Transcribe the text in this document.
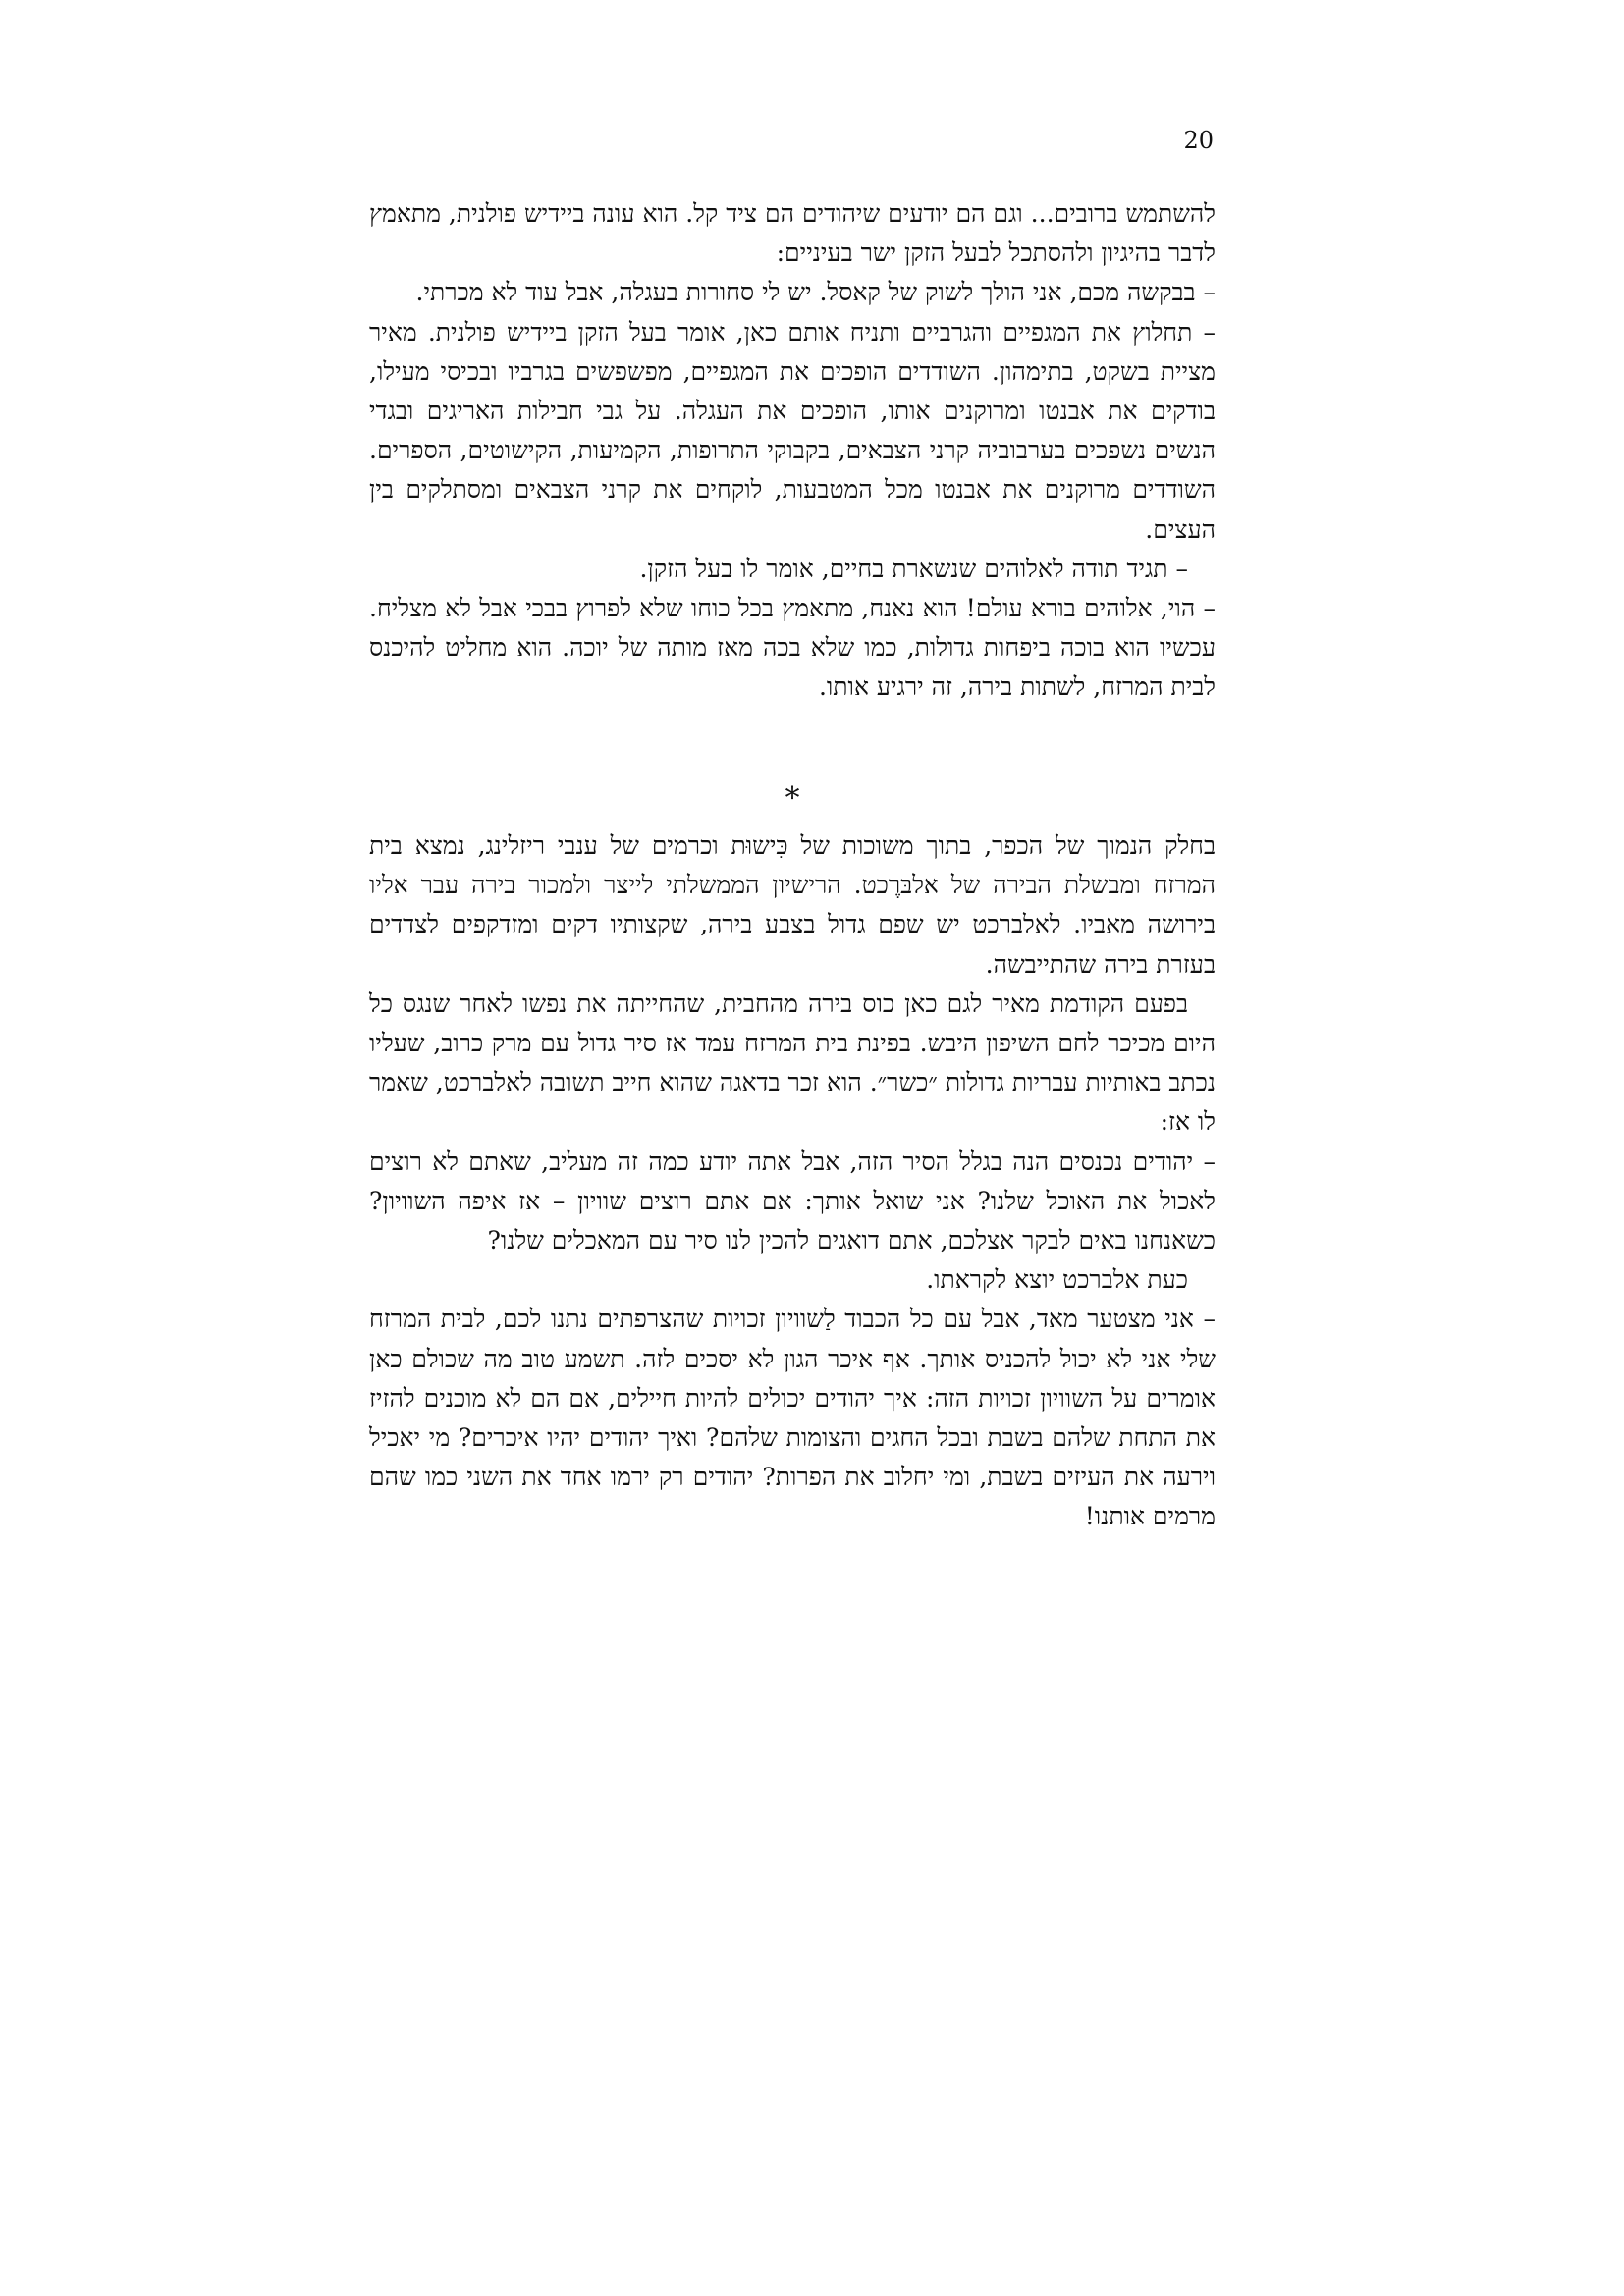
20

להשתמש ברובים... וגם הם יודעים שיהודים הם ציד קל. הוא עונה ביידיש פולנית, מתאמץ לדבר בהיגיון ולהסתכל לבעל הזקן ישר בעיניים:

– בבקשה מכם, אני הולך לשוק של קאסל. יש לי סחורות בעגלה, אבל עוד לא מכרתי.

– תחלוץ את המגפיים והגרביים ותניח אותם כאן, אומר בעל הזקן ביידיש פולנית. מאיר מציית בשקט, בתימהון. השודדים הופכים את המגפיים, מפשפשים בגרביו ובכיסי מעילו, בודקים את אבנטו ומרוקנים אותו, הופכים את העגלה. על גבי חבילות האריגים ובגדי הנשים נשפכים בערבוביה קרני הצבאים, בקבוקי התרופות, הקמיעות, הקישוטים, הספרים. השודדים מרוקנים את אבנטו מכל המטבעות, לוקחים את קרני הצבאים ומסתלקים בין העצים.

– תגיד תודה לאלוהים שנשארת בחיים, אומר לו בעל הזקן.

– הוי, אלוהים בורא עולם! הוא נאנח, מתאמץ בכל כוחו שלא לפרוץ בבכי אבל לא מצליח. עכשיו הוא בוכה ביפחות גדולות, כמו שלא בכה מאז מותה של יוכה. הוא מחליט להיכנס לבית המרזח, לשתות בירה, זה ירגיע אותו.

*

בחלק הנמוך של הכפר, בתוך משוכות של כִּישוּת וכרמים של ענבי ריזלינג, נמצא בית המרזח ומבשלת הבירה של אלבּרֶכט. הרישיון הממשלתי לייצר ולמכור בירה עבר אליו בירושה מאביו. לאלברכט יש שפם גדול בצבע בירה, שקצותיו דקים ומזדקפים לצדדים בעזרת בירה שהתייבשה.

בפעם הקודמת מאיר לגם כאן כוס בירה מהחבית, שהחייתה את נפשו לאחר שנגס כל היום מכיכר לחם השיפון היבש. בפינת בית המרזח עמד אז סיר גדול עם מרק כרוב, שעליו נכתב באותיות עבריות גדולות ״כשר״. הוא זכר בדאגה שהוא חייב תשובה לאלברכט, שאמר לו אז:

– יהודים נכנסים הנה בגלל הסיר הזה, אבל אתה יודע כמה זה מעליב, שאתם לא רוצים לאכול את האוכל שלנו? אני שואל אותך: אם אתם רוצים שוויון – אז איפה השוויון? כשאנחנו באים לבקר אצלכם, אתם דואגים להכין לנו סיר עם המאכלים שלנו?

כעת אלברכט יוצא לקראתו.

– אני מצטער מאד, אבל עם כל הכבוד לַשוויון זכויות שהצרפתים נתנו לכם, לבית המרזח שלי אני לא יכול להכניס אותך. אף איכר הגון לא יסכים לזה. תשמע טוב מה שכולם כאן אומרים על השוויון זכויות הזה: איך יהודים יכולים להיות חיילים, אם הם לא מוכנים להזיז את התחת שלהם בשבת ובכל החגים והצומות שלהם? ואיך יהודים יהיו איכרים? מי יאכיל וירעה את העיזים בשבת, ומי יחלוב את הפרות? יהודים רק ירמו אחד את השני כמו שהם מרמים אותנו!
